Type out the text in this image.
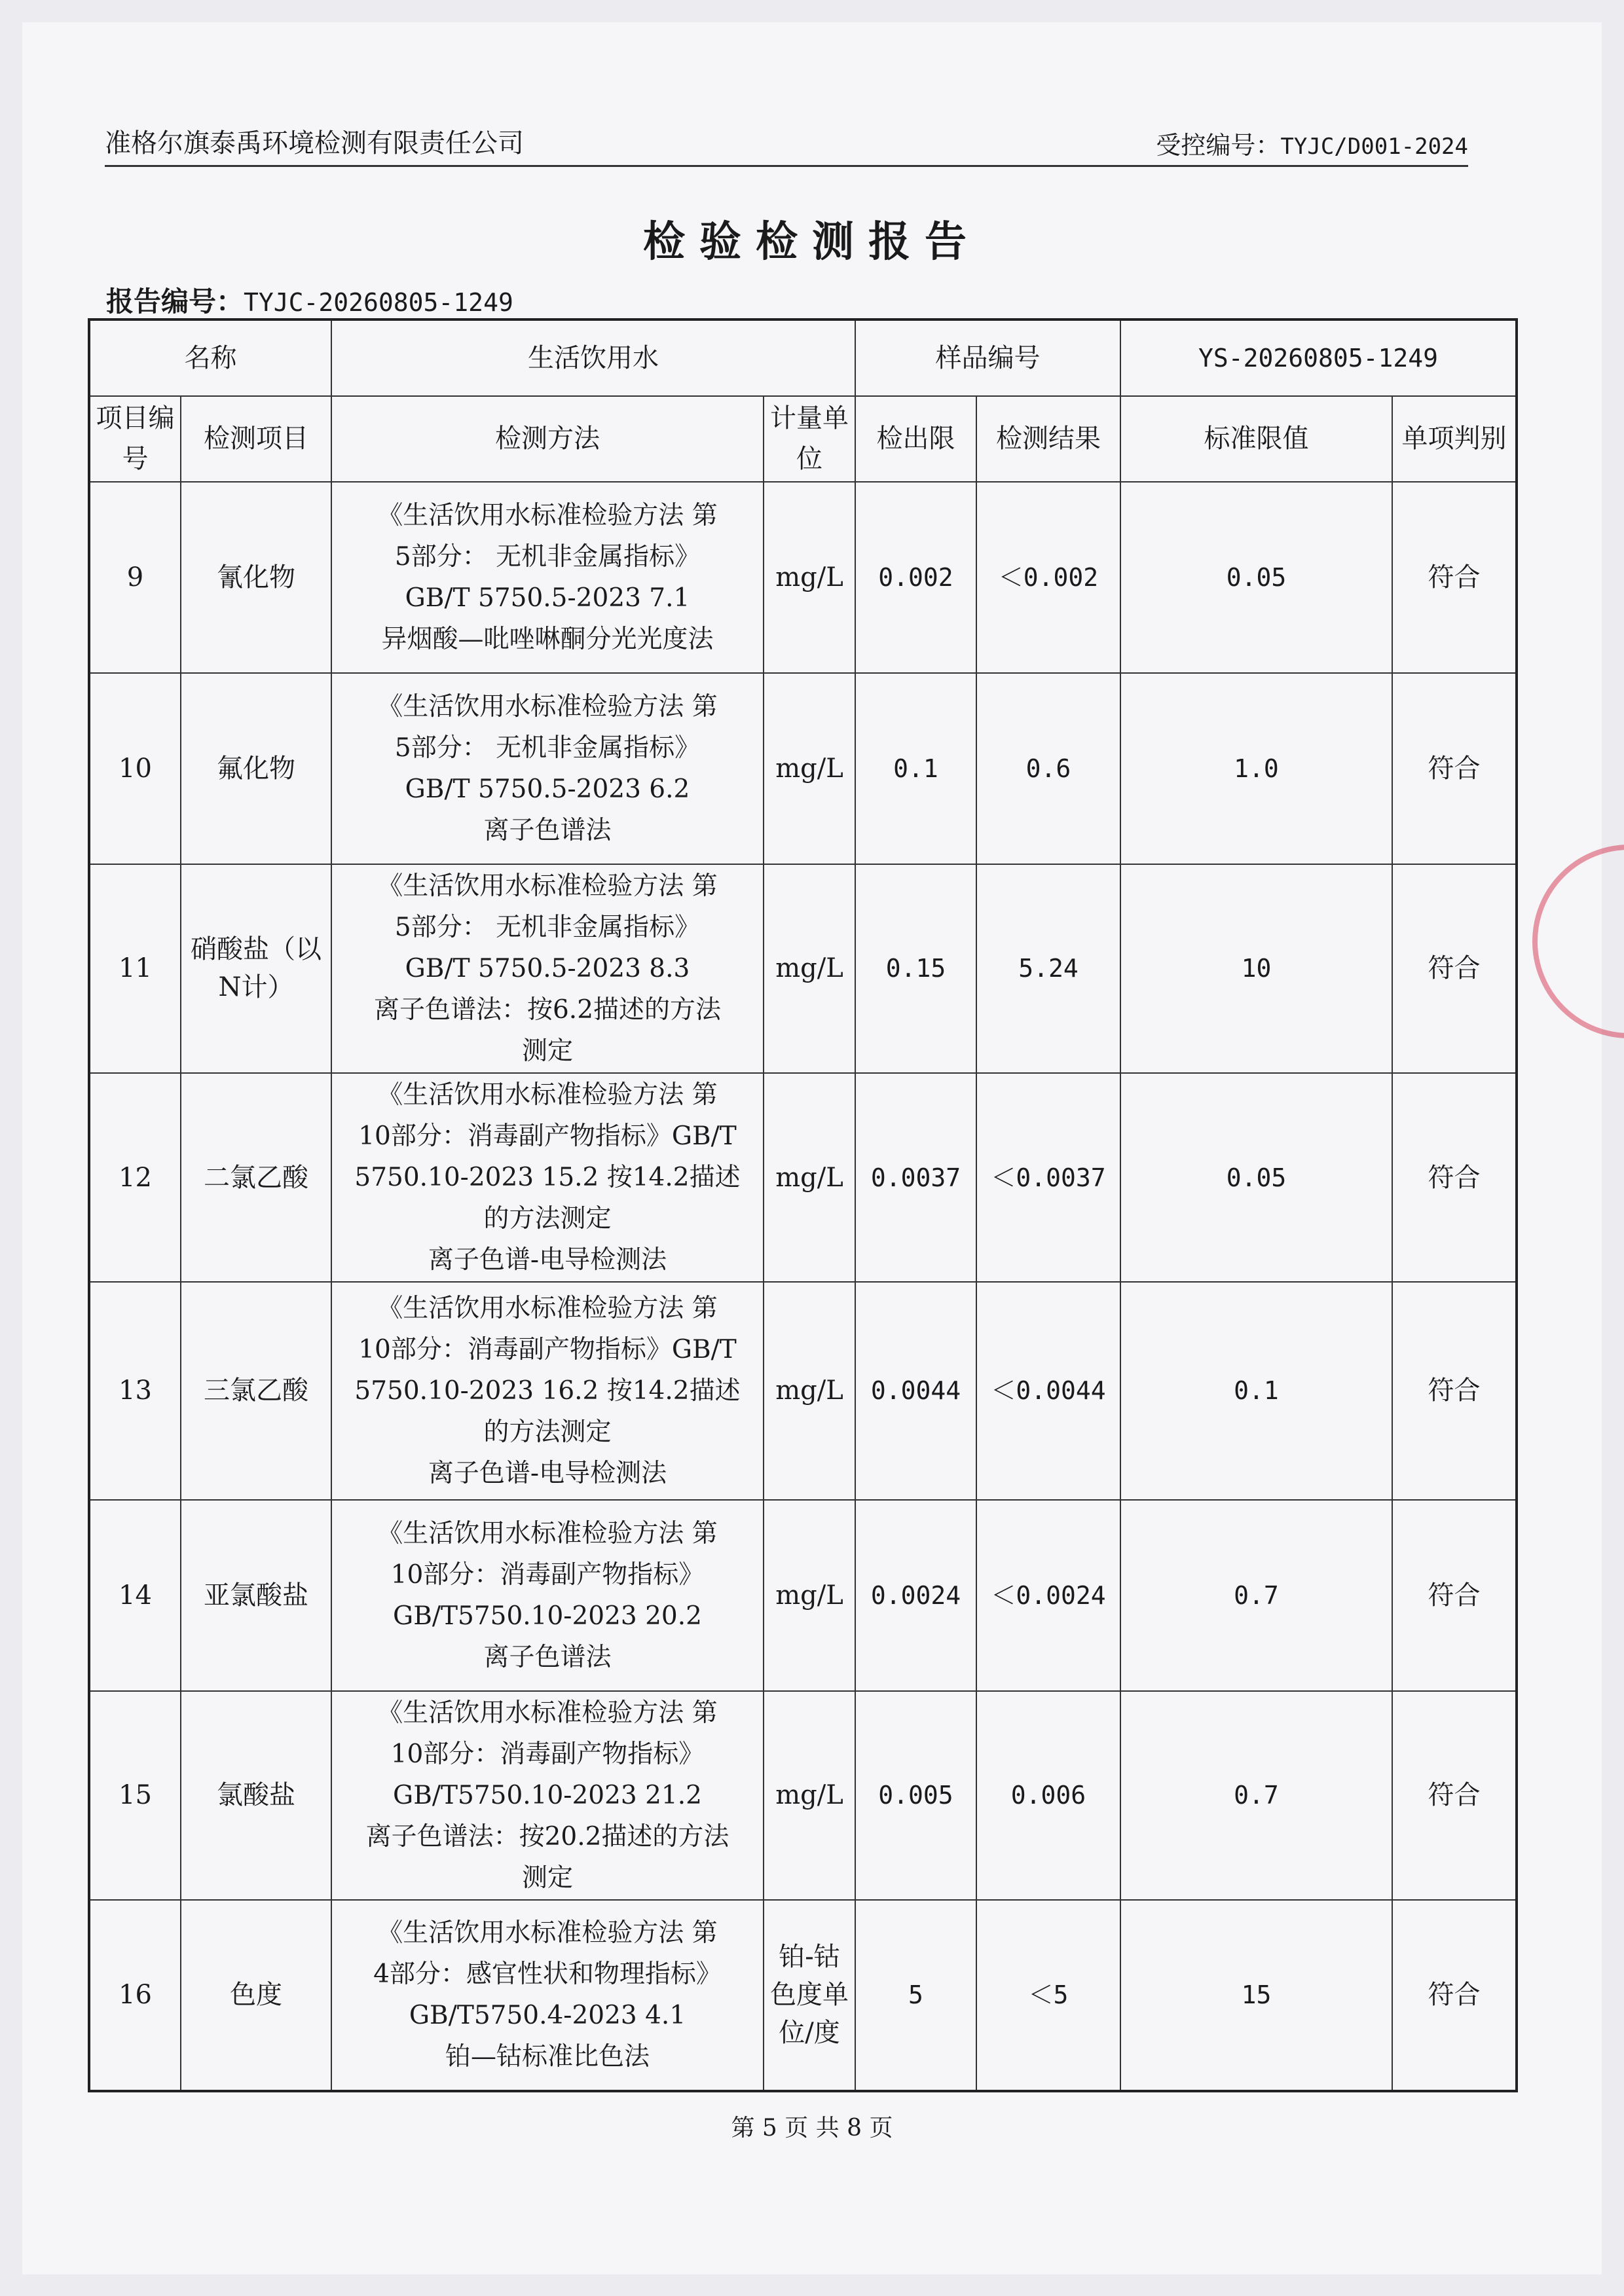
准格尔旗泰禹环境检测有限责任公司	受控编号：TYJC/D001-2024
检验检测报告
报告编号：TYJC-20260805-1249
名称		生活饮用水		样品编号		YS-20260805-1249	
项目编号	检测项目	检测方法	计量单位	检出限	检测结果	标准限值	单项判别
9	氰化物	《生活饮用水标准检验方法 第
5部分： 无机非金属指标》
GB/T 5750.5-2023 7.1
异烟酸—吡唑啉酮分光光度法	mg/L	0.002	＜0.002	0.05	符合
10	氟化物	《生活饮用水标准检验方法 第
5部分： 无机非金属指标》
GB/T 5750.5-2023 6.2
离子色谱法	mg/L	0.1	0.6	1.0	符合
11	硝酸盐（以N计）	《生活饮用水标准检验方法 第
5部分： 无机非金属指标》
GB/T 5750.5-2023 8.3
离子色谱法：按6.2描述的方法
测定	mg/L	0.15	5.24	10	符合
12	二氯乙酸	《生活饮用水标准检验方法 第
10部分：消毒副产物指标》GB/T
5750.10-2023 15.2 按14.2描述
的方法测定
离子色谱-电导检测法	mg/L	0.0037	＜0.0037	0.05	符合
13	三氯乙酸	《生活饮用水标准检验方法 第
10部分：消毒副产物指标》GB/T
5750.10-2023 16.2 按14.2描述
的方法测定
离子色谱-电导检测法	mg/L	0.0044	＜0.0044	0.1	符合
14	亚氯酸盐	《生活饮用水标准检验方法 第
10部分：消毒副产物指标》
GB/T5750.10-2023 20.2
离子色谱法	mg/L	0.0024	＜0.0024	0.7	符合
15	氯酸盐	《生活饮用水标准检验方法 第
10部分：消毒副产物指标》
GB/T5750.10-2023 21.2
离子色谱法：按20.2描述的方法
测定	mg/L	0.005	0.006	0.7	符合
16	色度	《生活饮用水标准检验方法 第
4部分：感官性状和物理指标》
GB/T5750.4-2023 4.1
铂—钴标准比色法	铂-钴色度单位/度	5	＜5	15	符合
第 5 页 共 8 页
